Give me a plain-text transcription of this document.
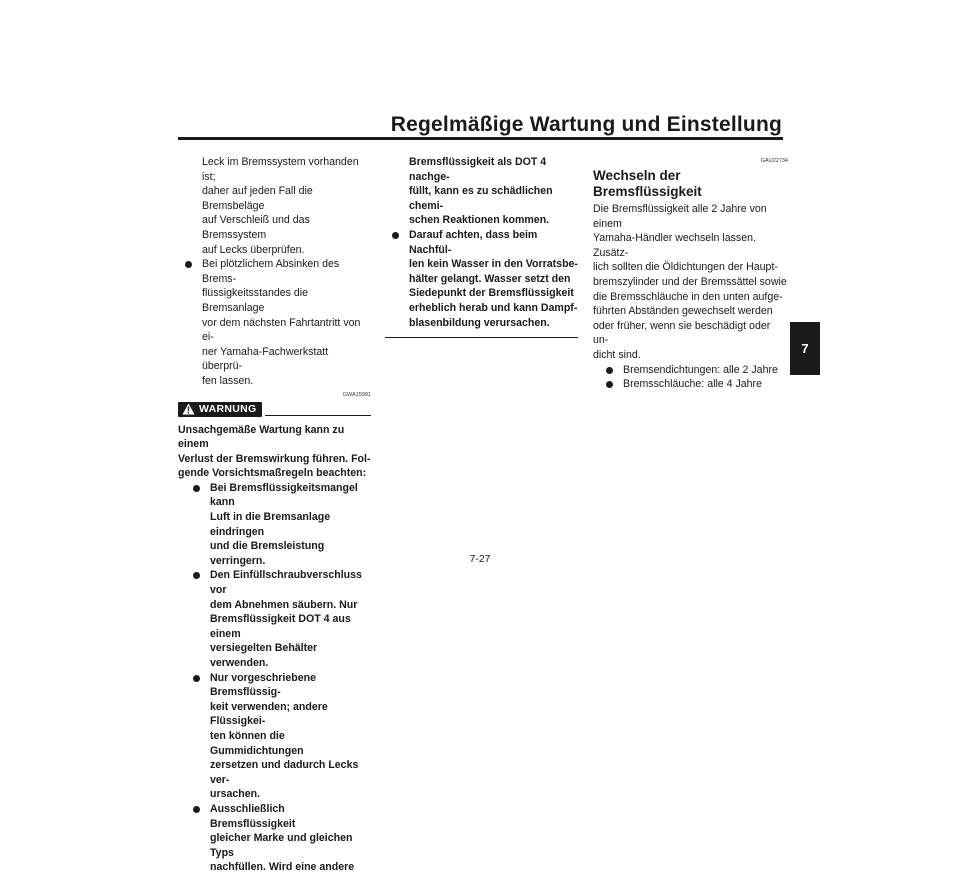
Regelmäßige Wartung und Einstellung
7
Leck im Bremssystem vorhanden ist;
daher auf jeden Fall die Bremsbeläge
auf Verschleiß und das Bremssystem
auf Lecks überprüfen.
Bei plötzlichem Absinken des Brems-
flüssigkeitsstandes die Bremsanlage
vor dem nächsten Fahrtantritt von ei-
ner Yamaha-Fachwerkstatt überprü-
fen lassen.
GWA15991
WARNUNG
Unsachgemäße Wartung kann zu einem
Verlust der Bremswirkung führen. Fol-
gende Vorsichtsmaßregeln beachten:
Bei Bremsflüssigkeitsmangel kann
Luft in die Bremsanlage eindringen
und die Bremsleistung verringern.
Den Einfüllschraubverschluss vor
dem Abnehmen säubern. Nur
Bremsflüssigkeit DOT 4 aus einem
versiegelten Behälter verwenden.
Nur vorgeschriebene Bremsflüssig-
keit verwenden; andere Flüssigkei-
ten können die Gummidichtungen
zersetzen und dadurch Lecks ver-
ursachen.
Ausschließlich Bremsflüssigkeit
gleicher Marke und gleichen Typs
nachfüllen. Wird eine andere
Bremsflüssigkeit als DOT 4 nachge-
füllt, kann es zu schädlichen chemi-
schen Reaktionen kommen.
Darauf achten, dass beim Nachfül-
len kein Wasser in den Vorratsbe-
hälter gelangt. Wasser setzt den
Siedepunkt der Bremsflüssigkeit
erheblich herab und kann Dampf-
blasenbildung verursachen.
GAU22734
Wechseln der Bremsflüssigkeit
Die Bremsflüssigkeit alle 2 Jahre von einem
Yamaha-Händler wechseln lassen. Zusätz-
lich sollten die Öldichtungen der Haupt-
bremszylinder und der Bremssättel sowie
die Bremsschläuche in den unten aufge-
führten Abständen gewechselt werden
oder früher, wenn sie beschädigt oder un-
dicht sind.
Bremsendichtungen: alle 2 Jahre
Bremsschläuche: alle 4 Jahre
7-27
